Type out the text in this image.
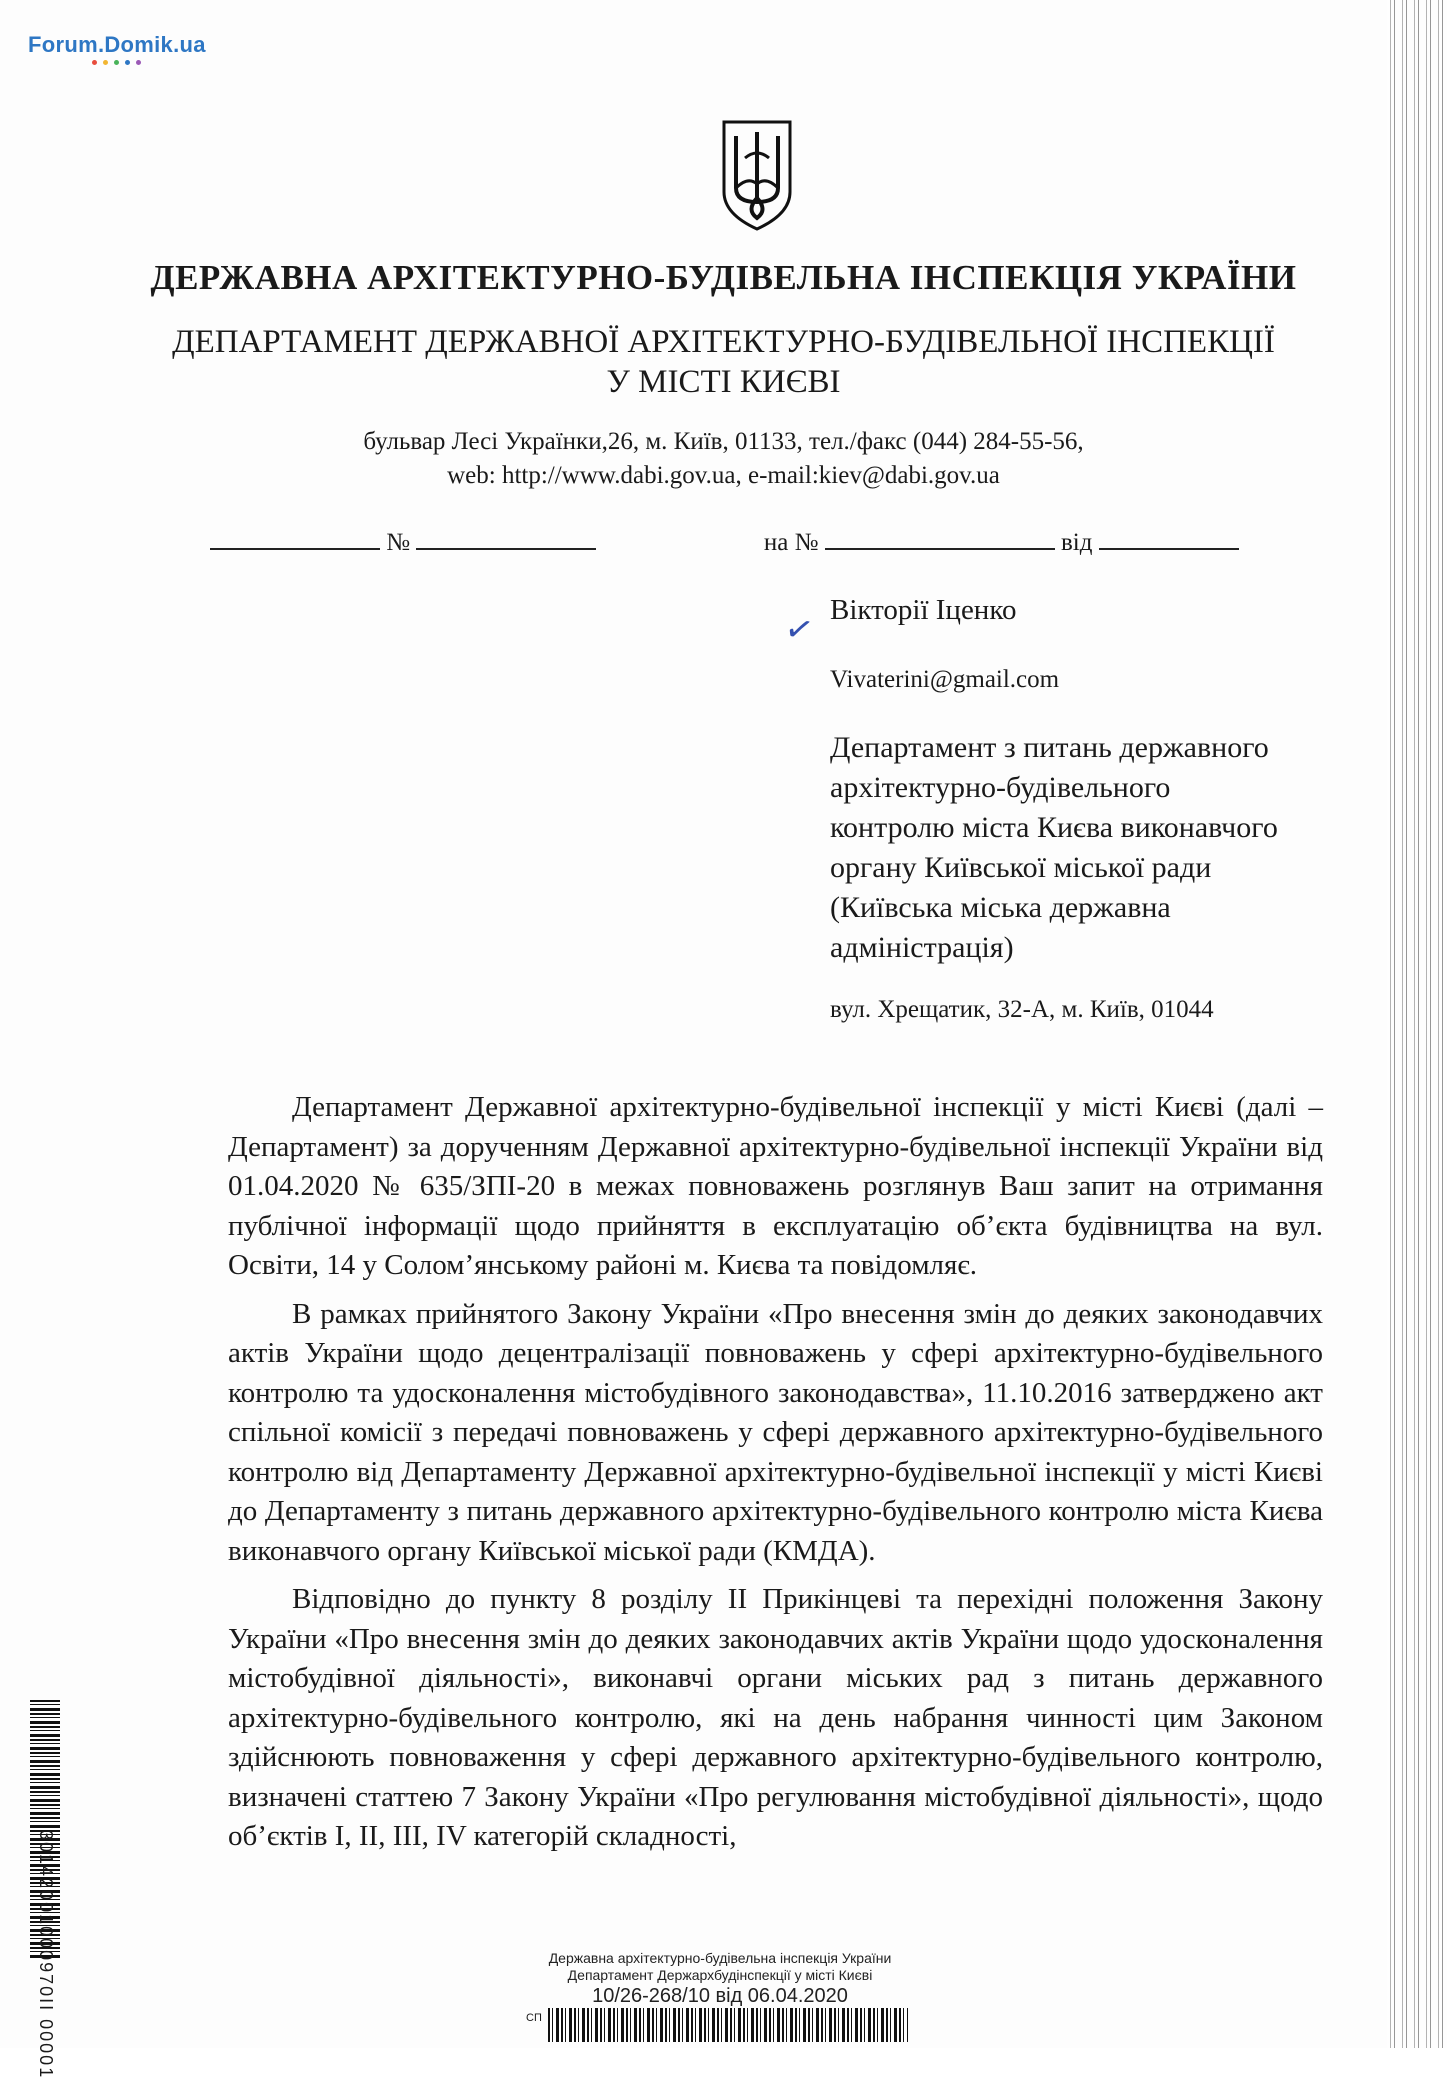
Forum.Domik.ua
ДЕРЖАВНА АРХІТЕКТУРНО-БУДІВЕЛЬНА ІНСПЕКЦІЯ УКРАЇНИ
ДЕПАРТАМЕНТ ДЕРЖАВНОЇ АРХІТЕКТУРНО-БУДІВЕЛЬНОЇ ІНСПЕКЦІЇ
У МІСТІ КИЄВІ
бульвар Лесі Українки,26, м. Київ, 01133, тел./факс (044) 284-55-56,
web: http://www.dabi.gov.ua, e-mail:kiev@dabi.gov.ua
№	на №	від
Вікторії Іценко
✓
Vivaterini@gmail.com
Департамент з питань державного
архітектурно-будівельного
контролю міста Києва виконавчого
органу Київської міської ради
(Київська міська державна
адміністрація)
вул. Хрещатик, 32-А, м. Київ, 01044

Департамент Державної архітектурно-будівельної інспекції у місті Києві (далі – Департамент) за дорученням Державної архітектурно-будівельної інспекції України від 01.04.2020 № 635/ЗПІ-20 в межах повноважень розглянув Ваш запит на отримання публічної інформації щодо прийняття в експлуатацію об’єкта будівництва на вул. Освіти, 14 у Солом’янському районі м. Києва та повідомляє.

В рамках прийнятого Закону України «Про внесення змін до деяких законодавчих актів України щодо децентралізації повноважень у сфері архітектурно-будівельного контролю та удосконалення містобудівного законодавства», 11.10.2016 затверджено акт спільної комісії з передачі повноважень у сфері державного архітектурно-будівельного контролю від Департаменту Державної архітектурно-будівельної інспекції у місті Києві до Департаменту з питань державного архітектурно-будівельного контролю міста Києва виконавчого органу Київської міської ради (КМДА).

Відповідно до пункту 8 розділу ІІ Прикінцеві та перехідні положення Закону України «Про внесення змін до деяких законодавчих актів України щодо удосконалення містобудівної діяльності», виконавчі органи міських рад з питань державного архітектурно-будівельного контролю, які на день набрання чинності цим Законом здійснюють повноваження у сфері державного архітектурно-будівельного контролю, визначені статтею 7 Закону України «Про регулювання містобудівної діяльності», щодо об’єктів І, ІІ, ІІІ, IV категорій складності,

30142001000970II 00001	Державна архітектурно-будівельна інспекція України
Департамент Держархбудінспекції у місті Києві
10/26-268/10 від 06.04.2020
СП
